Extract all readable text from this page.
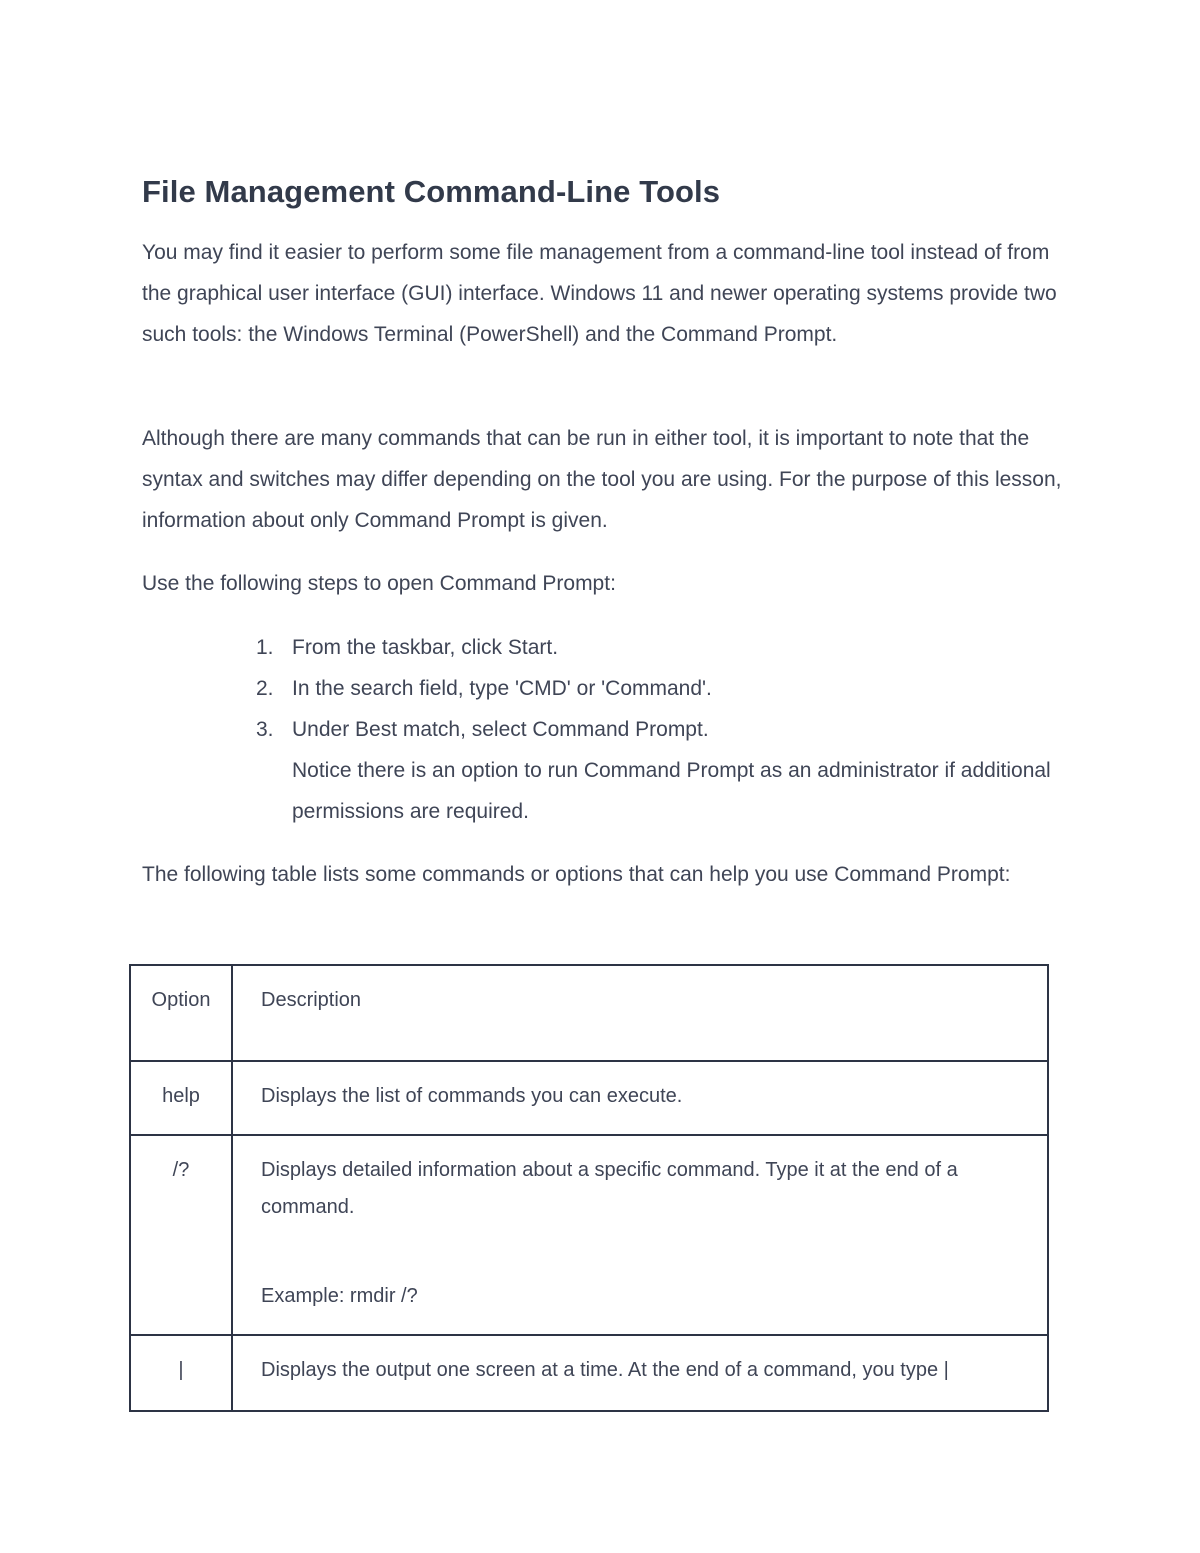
File Management Command-Line Tools

You may find it easier to perform some file management from a command-line tool instead of from the graphical user interface (GUI) interface. Windows 11 and newer operating systems provide two such tools: the Windows Terminal (PowerShell) and the Command Prompt.

Although there are many commands that can be run in either tool, it is important to note that the syntax and switches may differ depending on the tool you are using. For the purpose of this lesson, information about only Command Prompt is given.

Use the following steps to open Command Prompt:

1. From the taskbar, click Start.
2. In the search field, type 'CMD' or 'Command'.
3. Under Best match, select Command Prompt.
Notice there is an option to run Command Prompt as an administrator if additional permissions are required.

The following table lists some commands or options that can help you use Command Prompt:

Option	Description
help	Displays the list of commands you can execute.
/?	Displays detailed information about a specific command. Type it at the end of a command.
Example: rmdir /?
|	Displays the output one screen at a time. At the end of a command, you type |
